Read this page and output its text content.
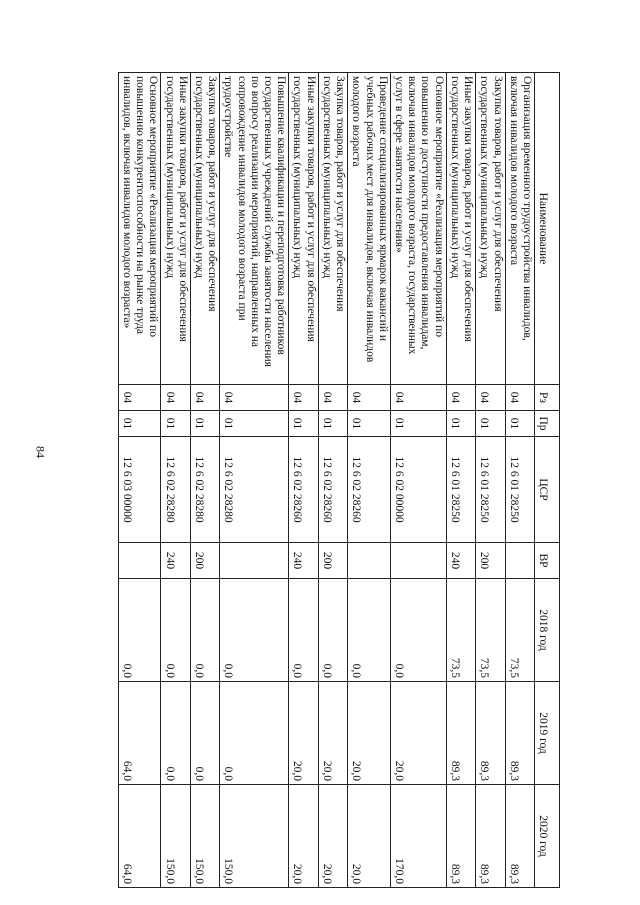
84
Наименование	Рз	Пр	ЦСР	ВР	2018 год	2019 год	2020 год
Организация временного трудоустройства инвалидов, включая инвалидов молодого возраста	04	01	12 6 01 28250		73,5	89,3	89,3
Закупка товаров, работ и услуг для обеспечения государственных (муниципальных) нужд	04	01	12 6 01 28250	200	73,5	89,3	89,3
Иные закупки товаров, работ и услуг для обеспечения государственных (муниципальных) нужд	04	01	12 6 01 28250	240	73,5	89,3	89,3
Основное мероприятие «Реализация мероприятий по повышению и доступности предоставления инвалидам, включая инвалидов молодого возраста, государственных услуг в сфере занятости населения»	04	01	12 6 02 00000		0,0	20,0	170,0
Проведение специализированных ярмарок вакансий и учебных рабочих мест для инвалидов, включая инвалидов молодого возраста	04	01	12 6 02 28260		0,0	20,0	20,0
Закупка товаров, работ и услуг для обеспечения государственных (муниципальных) нужд	04	01	12 6 02 28260	200	0,0	20,0	20,0
Иные закупки товаров, работ и услуг для обеспечения государственных (муниципальных) нужд	04	01	12 6 02 28260	240	0,0	20,0	20,0
Повышение квалификации и переподготовка работников государственных учреждений службы занятости населения по вопросу реализации мероприятий, направленных на сопровождение инвалидов молодого возраста при трудоустройстве	04	01	12 6 02 28280		0,0	0,0	150,0
Закупка товаров, работ и услуг для обеспечения государственных (муниципальных) нужд	04	01	12 6 02 28280	200	0,0	0,0	150,0
Иные закупки товаров, работ и услуг для обеспечения государственных (муниципальных) нужд	04	01	12 6 02 28280	240	0,0	0,0	150,0
Основное мероприятие «Реализация мероприятий по повышению конкурентоспособности на рынке труда инвалидов, включая инвалидов молодого возраста»	04	01	12 6 03 00000		0,0	64,0	64,0
